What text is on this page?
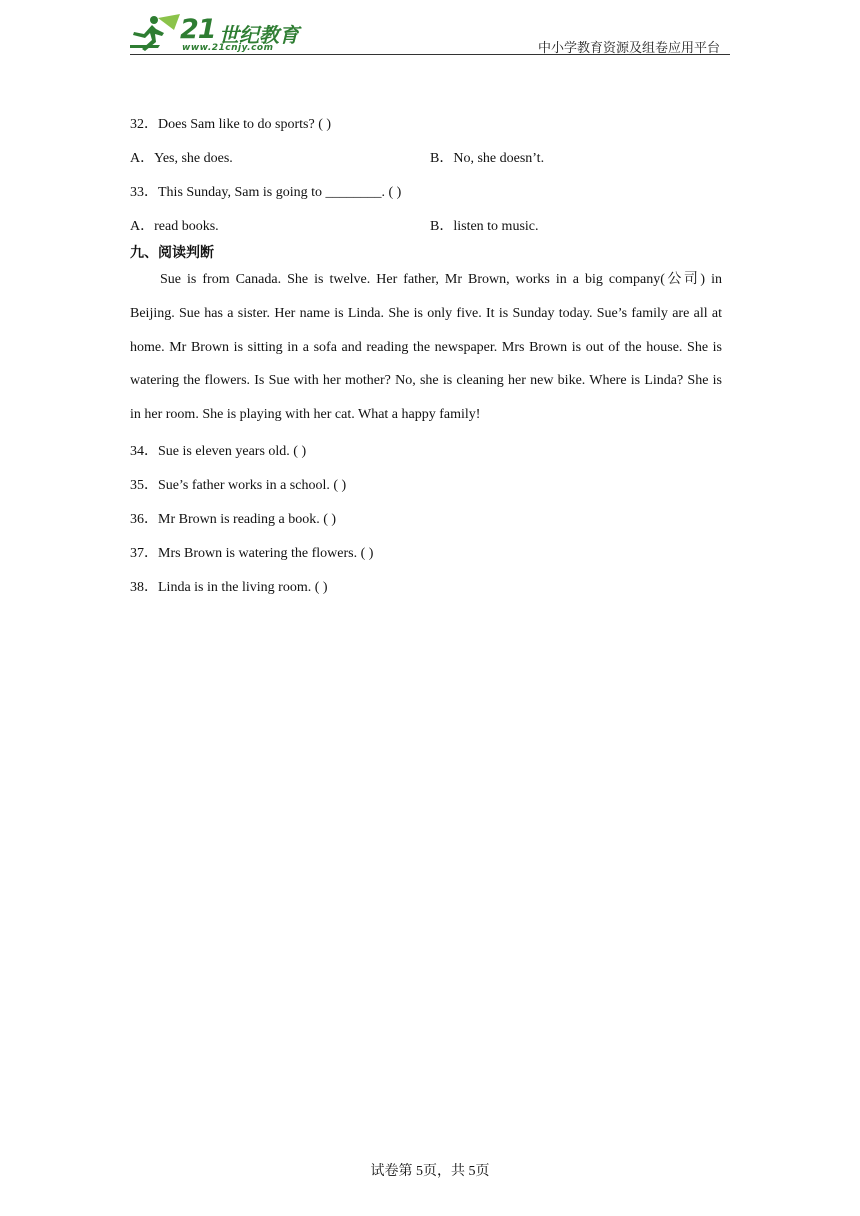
21 世纪教育
www.21cnjy.com	中小学教育资源及组卷应用平台
32．Does Sam like to do sports? ( )
A．Yes, she does.	B．No, she doesn’t.
33．This Sunday, Sam is going to ________. ( )
A．read books.	B．listen to music.
九、阅读判断
Sue is from Canada. She is twelve. Her father, Mr Brown, works in a big company(公司) in Beijing. Sue has a sister. Her name is Linda. She is only five. It is Sunday today. Sue’s family are all at home. Mr Brown is sitting in a sofa and reading the newspaper. Mrs Brown is out of the house. She is watering the flowers. Is Sue with her mother? No, she is cleaning her new bike. Where is Linda? She is in her room. She is playing with her cat. What a happy family!
34．Sue is eleven years old. ( )
35．Sue’s father works in a school. ( )
36．Mr Brown is reading a book. ( )
37．Mrs Brown is watering the flowers. ( )
38．Linda is in the living room. ( )
试卷第 5页，共 5页
